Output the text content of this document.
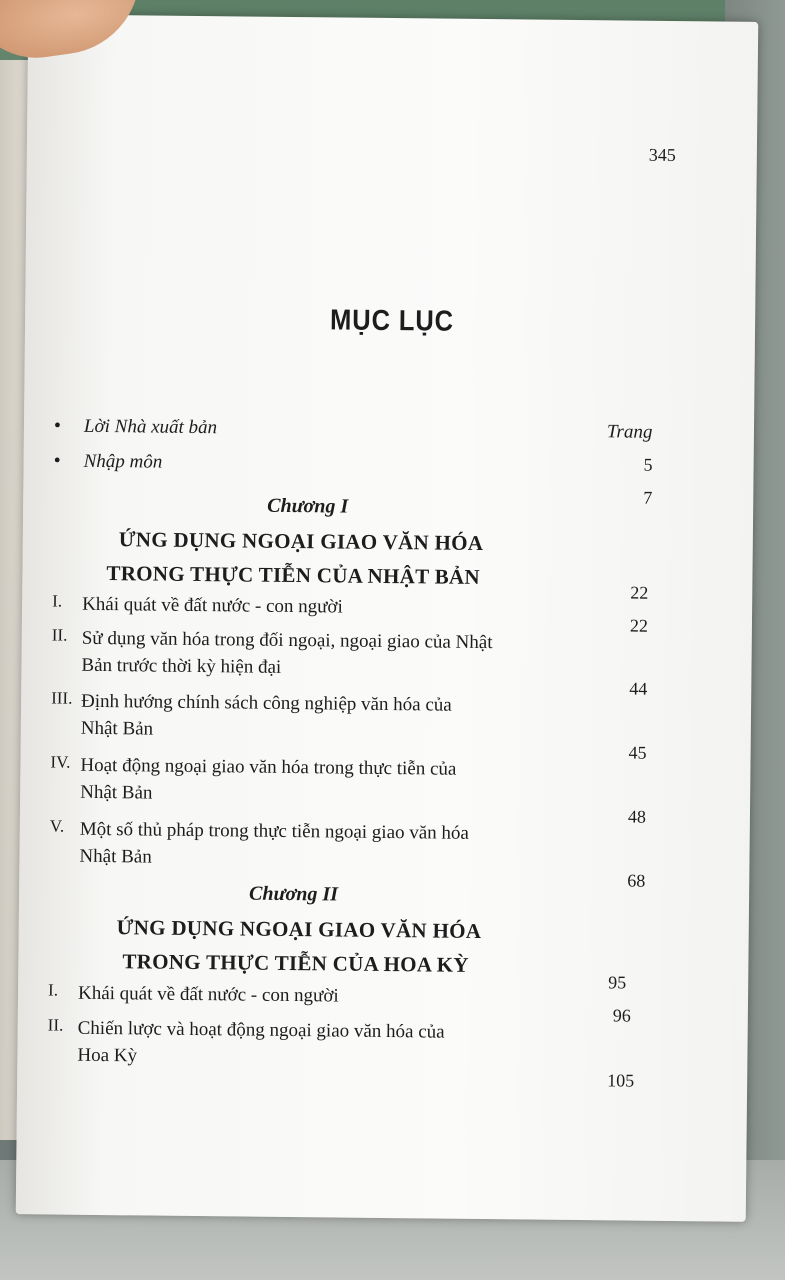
345
MỤC LỤC
• Lời Nhà xuất bản	Trang
• Nhập môn	5
7
Chương I
ỨNG DỤNG NGOẠI GIAO VĂN HÓA
TRONG THỰC TIỄN CỦA NHẬT BẢN
22
I. Khái quát về đất nước - con người
22
II. Sử dụng văn hóa trong đối ngoại, ngoại giao của Nhật
Bản trước thời kỳ hiện đại
44
III. Định hướng chính sách công nghiệp văn hóa của
Nhật Bản
45
IV. Hoạt động ngoại giao văn hóa trong thực tiễn của
Nhật Bản
48
V. Một số thủ pháp trong thực tiễn ngoại giao văn hóa
Nhật Bản
68
Chương II
ỨNG DỤNG NGOẠI GIAO VĂN HÓA
TRONG THỰC TIỄN CỦA HOA KỲ
95
I. Khái quát về đất nước - con người
96
II. Chiến lược và hoạt động ngoại giao văn hóa của
Hoa Kỳ
105
